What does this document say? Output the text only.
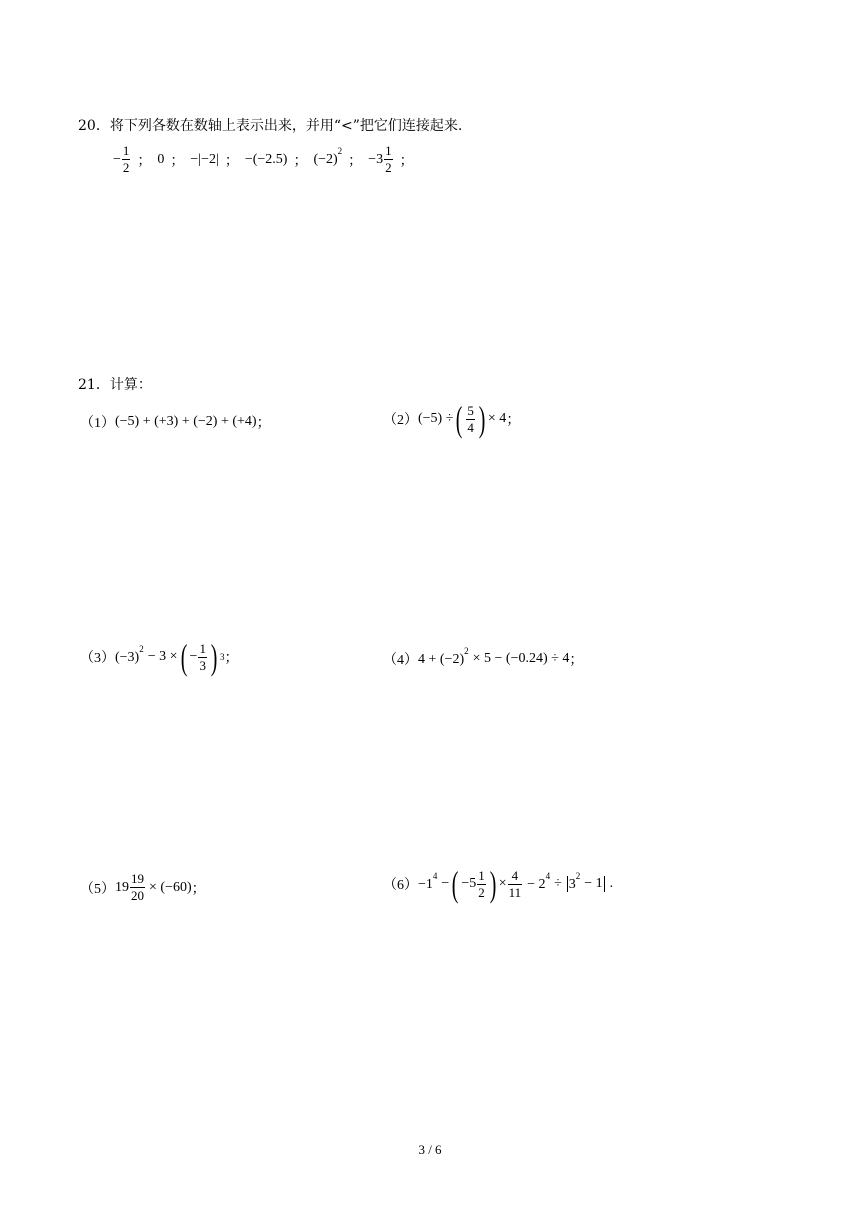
20．将下列各数在数轴上表示出来，并用“<”把它们连接起来.
− $\frac{1}{2}$ ； 0 ； −|−2| ； −(−2.5) ； $(-2)^2$
； $-3 \frac{1}{2}$ ；
21．计算：
（1） (−5) + (+3) + (−2) + (+4) ；	（2） (−5) ÷ ( $\frac{5}{4}$ ) × 4 ；
（3） $(-3)^2$
− 3 × ( − $\frac{1}{3}$ ) 3 ；	（4） $4 + (-2)^2$
× 5 − (−0.24) ÷ 4 ；
（5） $19 \frac{19}{20} \times (-60)$ ；	$(6) -1^4$
− ( $-5 \frac{1}{2}$ ) × $\frac{4}{11} - 2^4$
÷ $3^2$
− 1 .
3 / 6
